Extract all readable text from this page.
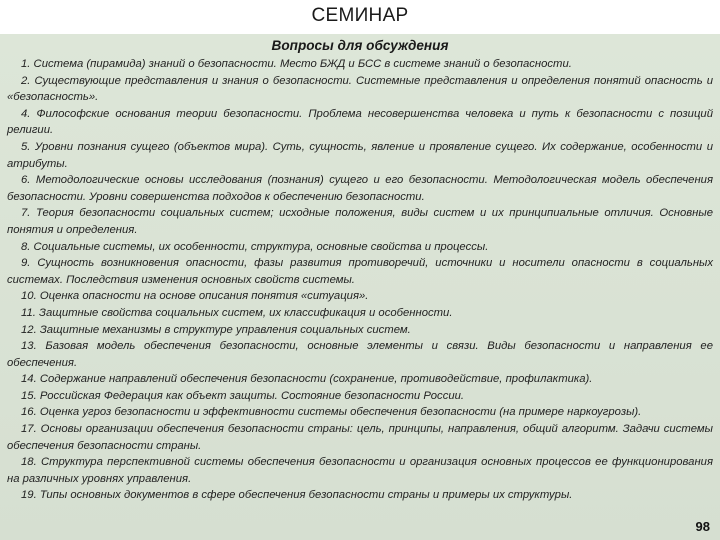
СЕМИНАР
Вопросы для обсуждения
1. Система (пирамида) знаний о безопасности. Место БЖД и БСС в системе знаний о безопасности.
2. Существующие представления и знания о безопасности. Системные представления и определения понятий опасность и «безопасность».
4. Философские основания теории безопасности. Проблема несовершенства человека и путь к безопасности с позиций религии.
5. Уровни познания сущего (объектов мира). Суть, сущность, явление и проявление сущего. Их содержание, особенности и атрибуты.
6. Методологические основы исследования (познания) сущего и его безопасности. Методологическая модель обеспечения безопасности. Уровни совершенства подходов к обеспечению безопасности.
7. Теория безопасности социальных систем; исходные положения, виды систем и их принципиальные отличия. Основные понятия и определения.
8. Социальные системы, их особенности, структура, основные свойства и процессы.
9. Сущность возникновения опасности, фазы развития противоречий, источники и носители опасности в социальных системах. Последствия изменения основных свойств системы.
10. Оценка опасности на основе описания понятия «ситуация».
11. Защитные свойства социальных систем, их классификация и особенности.
12. Защитные механизмы в структуре управления социальных систем.
13. Базовая модель обеспечения безопасности, основные элементы и связи. Виды безопасности и направления ее обеспечения.
14. Содержание направлений обеспечения безопасности (сохранение, противодействие, профилактика).
15. Российская Федерация как объект защиты. Состояние безопасности России.
16. Оценка угроз безопасности и эффективности системы обеспечения безопасности (на примере наркоугрозы).
17. Основы организации обеспечения безопасности страны: цель, принципы, направления, общий алгоритм. Задачи системы обеспечения безопасности страны.
18. Структура перспективной системы обеспечения безопасности и организация основных процессов ее функционирования на различных уровнях управления.
19. Типы основных документов в сфере обеспечения безопасности страны и примеры их структуры.
98
